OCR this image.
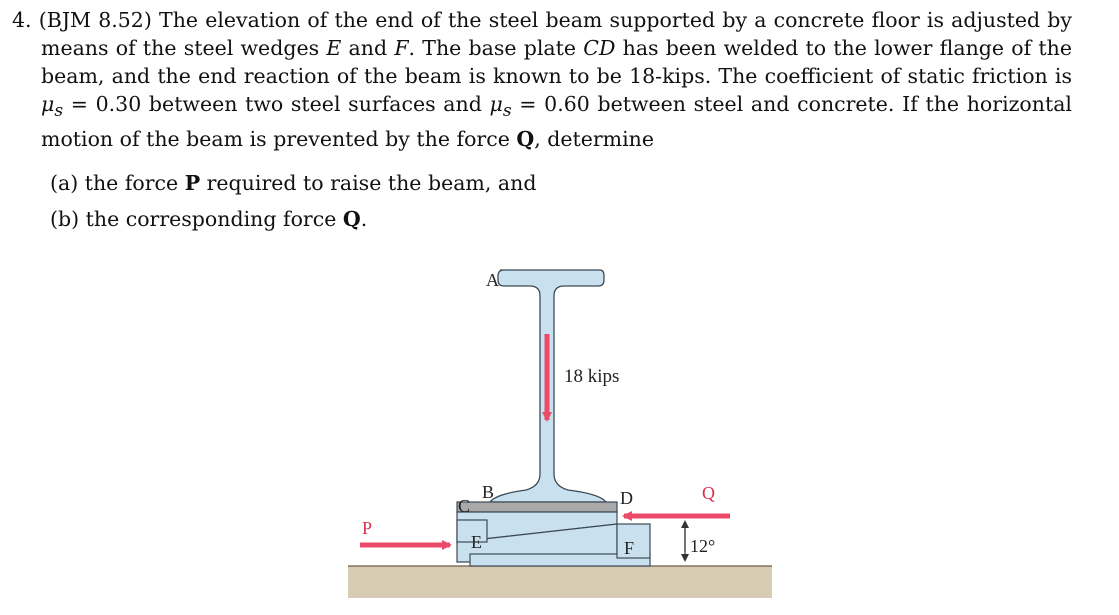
4. (BJM 8.52) The elevation of the end of the steel beam supported by a concrete floor is adjusted by means of the steel wedges E and F. The base plate CD has been welded to the lower flange of the beam, and the end reaction of the beam is known to be 18-kips. The coefficient of static friction is $\mu_s = 0.30$ between two steel surfaces and $\mu_s = 0.60$ between steel and concrete. If the horizontal motion of the beam is prevented by the force Q, determine

(a) the force P required to raise the beam, and
(b) the corresponding force Q.
18 kips
P
Q
12°
A
B
C	D
E	F
